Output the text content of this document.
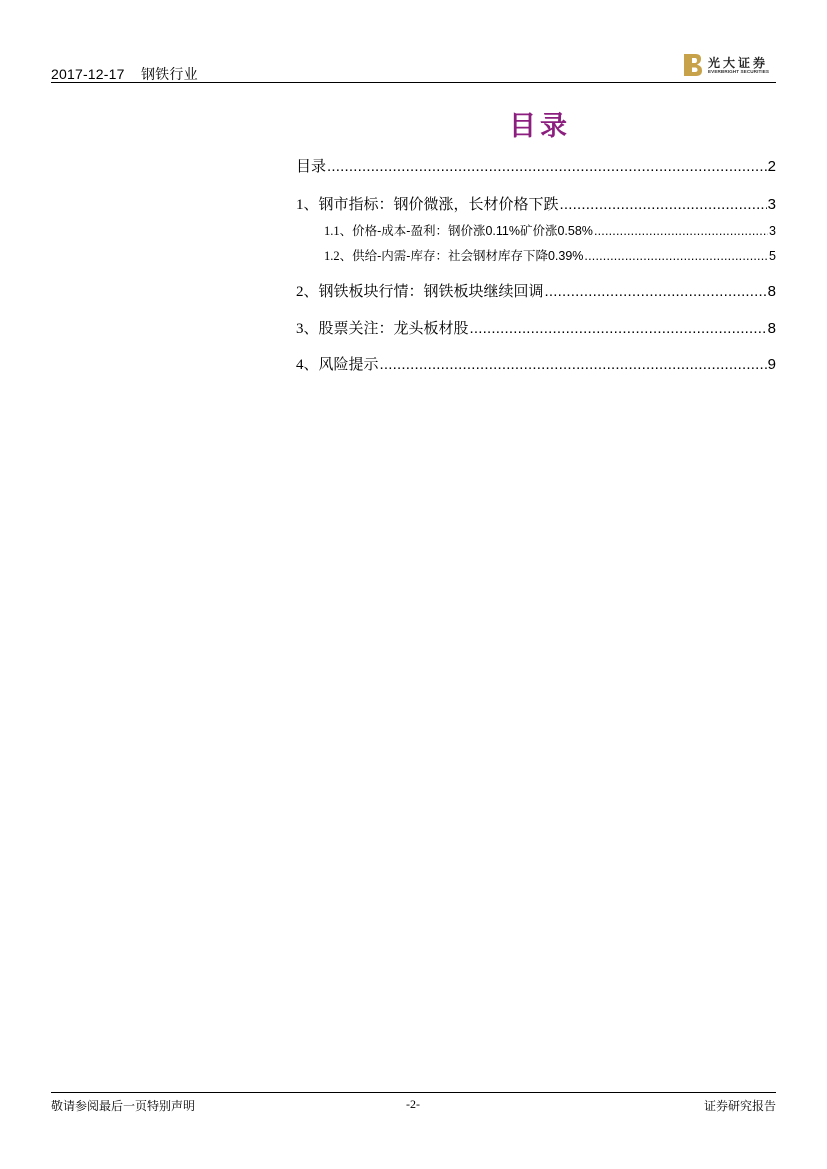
2017-12-17    钢铁行业
光大证券
EVERBRIGHT SECURITIES
目录
目录 .....	2
1、 钢市指标：钢价微涨，长材价格下跌 .....	3
1.1、 价格-成本-盈利：钢价涨0.11%矿价涨0.58% .....	3
1.2、 供给-内需-库存：社会钢材库存下降0.39% .....	5
2、 钢铁板块行情：钢铁板块继续回调 .....	8
3、 股票关注：龙头板材股 .....	8
4、 风险提示 .....	9
敬请参阅最后一页特别声明	-2-	证券研究报告
